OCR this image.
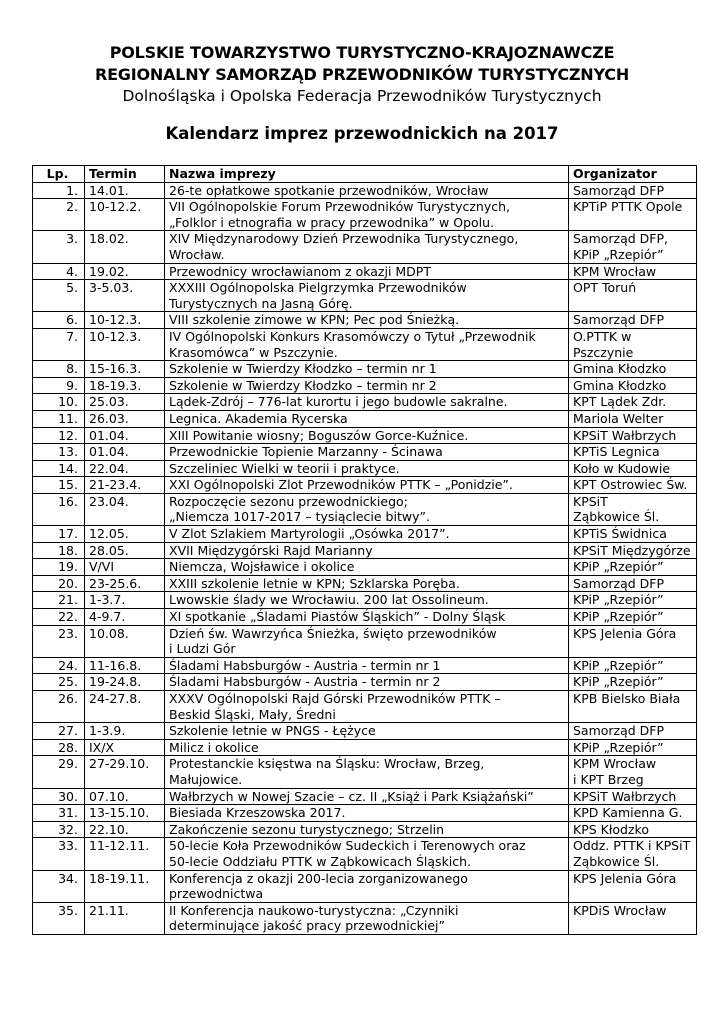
POLSKIE TOWARZYSTWO TURYSTYCZNO-KRAJOZNAWCZE
REGIONALNY SAMORZĄD PRZEWODNIKÓW TURYSTYCZNYCH
Dolnośląska i Opolska Federacja Przewodników Turystycznych
Kalendarz imprez przewodnickich na 2017
Lp.	Termin	Nazwa imprezy	Organizator
1.	14.01.	26-te opłatkowe spotkanie przewodników, Wrocław	Samorząd DFP

2.	10-12.2.	VII Ogólnopolskie Forum Przewodników Turystycznych,
„Folklor i etnografia w pracy przewodnika” w Opolu.	KPTiP PTTK Opole

3.	18.02.	XIV Międzynarodowy Dzień Przewodnika Turystycznego,
Wrocław.	Samorząd DFP,
KPiP „Rzepiór”

4.	19.02.	Przewodnicy wrocławianom z okazji MDPT	KPM Wrocław

5.	3-5.03.	XXXIII Ogólnopolska Pielgrzymka Przewodników
Turystycznych na Jasną Górę.	OPT Toruń

6.	10-12.3.	VIII szkolenie zimowe w KPN; Pec pod Śnieżką.	Samorząd DFP

7.	10-12.3.	IV Ogólnopolski Konkurs Krasomówczy o Tytuł „Przewodnik
Krasomówca” w Pszczynie.	O.PTTK w
Pszczynie

8.	15-16.3.	Szkolenie w Twierdzy Kłodzko – termin nr 1	Gmina Kłodzko

9.	18-19.3.	Szkolenie w Twierdzy Kłodzko – termin nr 2	Gmina Kłodzko

10.	25.03.	Lądek-Zdrój – 776-lat kurortu i jego budowle sakralne.	KPT Lądek Zdr.

11.	26.03.	Legnica. Akademia Rycerska	Mariola Welter

12.	01.04.	XIII Powitanie wiosny; Boguszów Gorce-Kuźnice.	KPSiT Wałbrzych

13.	01.04.	Przewodnickie Topienie Marzanny - Ścinawa	KPTiS Legnica

14.	22.04.	Szczeliniec Wielki w teorii i praktyce.	Koło w Kudowie

15.	21-23.4.	XXI Ogólnopolski Zlot Przewodników PTTK – „Ponidzie”.	KPT Ostrowiec Św.

16.	23.04.	Rozpoczęcie sezonu przewodnickiego;
„Niemcza 1017-2017 – tysiąclecie bitwy”.	KPSiT
Ząbkowice Śl.

17.	12.05.	V Zlot Szlakiem Martyrologii „Osówka 2017”.	KPTiS Świdnica

18.	28.05.	XVII Międzygórski Rajd Marianny	KPSiT Międzygórze

19.	V/VI	Niemcza, Wojsławice i okolice	KPiP „Rzepiór”

20.	23-25.6.	XXIII szkolenie letnie w KPN; Szklarska Poręba.	Samorząd DFP

21.	1-3.7.	Lwowskie ślady we Wrocławiu. 200 lat Ossolineum.	KPiP „Rzepiór”

22.	4-9.7.	XI spotkanie „Śladami Piastów Śląskich” - Dolny Śląsk	KPiP „Rzepiór”

23.	10.08.	Dzień św. Wawrzyńca Śnieżka, święto przewodników
i Ludzi Gór	KPS Jelenia Góra

24.	11-16.8.	Śladami Habsburgów - Austria - termin nr 1	KPiP „Rzepiór”

25.	19-24.8.	Śladami Habsburgów - Austria - termin nr 2	KPiP „Rzepiór”

26.	24-27.8.	XXXV Ogólnopolski Rajd Górski Przewodników PTTK –
Beskid Śląski, Mały, Średni	KPB Bielsko Biała

27.	1-3.9.	Szkolenie letnie w PNGS - Łężyce	Samorząd DFP

28.	IX/X	Milicz i okolice	KPiP „Rzepiór”

29.	27-29.10.	Protestanckie księstwa na Śląsku: Wrocław, Brzeg,
Małujowice.	KPM Wrocław
i KPT Brzeg

30.	07.10.	Wałbrzych w Nowej Szacie – cz. II „Książ i Park Książański”	KPSiT Wałbrzych

31.	13-15.10.	Biesiada Krzeszowska 2017.	KPD Kamienna G.

32.	22.10.	Zakończenie sezonu turystycznego; Strzelin	KPS Kłodzko

33.	11-12.11.	50-lecie Koła Przewodników Sudeckich i Terenowych oraz
50-lecie Oddziału PTTK w Ząbkowicach Śląskich.	Oddz. PTTK i KPSiT
Ząbkowice Śl.

34.	18-19.11.	Konferencja z okazji 200-lecia zorganizowanego
przewodnictwa	KPS Jelenia Góra

35.	21.11.	II Konferencja naukowo-turystyczna: „Czynniki
determinujące jakość pracy przewodnickiej”	KPDiS Wrocław
